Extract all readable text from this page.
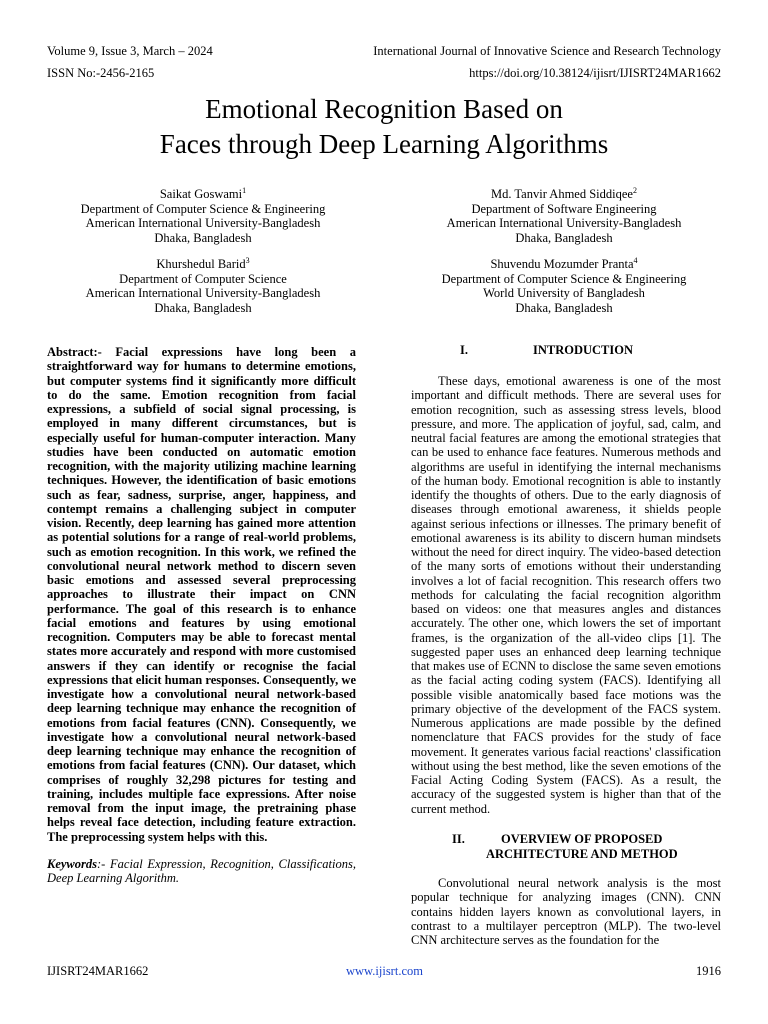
Volume 9, Issue 3, March – 2024	International Journal of Innovative Science and Research Technology
ISSN No:-2456-2165	https://doi.org/10.38124/ijisrt/IJISRT24MAR1662
Emotional Recognition Based on
Faces through Deep Learning Algorithms
Saikat Goswami$^1$
Department of Computer Science & Engineering
American International University-Bangladesh
Dhaka, Bangladesh
Md. Tanvir Ahmed Siddiqee$^2$
Department of Software Engineering
American International University-Bangladesh
Dhaka, Bangladesh
Khurshedul Barid$^3$
Department of Computer Science
American International University-Bangladesh
Dhaka, Bangladesh
Shuvendu Mozumder Pranta$^4$
Department of Computer Science & Engineering
World University of Bangladesh
Dhaka, Bangladesh

Abstract:- Facial expressions have long been a straightforward way for humans to determine emotions, but computer systems find it significantly more difficult to do the same. Emotion recognition from facial expressions, a subfield of social signal processing, is employed in many different circumstances, but is especially useful for human-computer interaction. Many studies have been conducted on automatic emotion recognition, with the majority utilizing machine learning techniques. However, the identification of basic emotions such as fear, sadness, surprise, anger, happiness, and contempt remains a challenging subject in computer vision. Recently, deep learning has gained more attention as potential solutions for a range of real-world problems, such as emotion recognition. In this work, we refined the convolutional neural network method to discern seven basic emotions and assessed several preprocessing approaches to illustrate their impact on CNN performance. The goal of this research is to enhance facial emotions and features by using emotional recognition. Computers may be able to forecast mental states more accurately and respond with more customised answers if they can identify or recognise the facial expressions that elicit human responses. Consequently, we investigate how a convolutional neural network-based deep learning technique may enhance the recognition of emotions from facial features (CNN). Consequently, we investigate how a convolutional neural network-based deep learning technique may enhance the recognition of emotions from facial features (CNN). Our dataset, which comprises of roughly 32,298 pictures for testing and training, includes multiple face expressions. After noise removal from the input image, the pretraining phase helps reveal face detection, including feature extraction. The preprocessing system helps with this.

Keywords:- Facial Expression, Recognition, Classifications, Deep Learning Algorithm.

I.	INTRODUCTION

These days, emotional awareness is one of the most important and difficult methods. There are several uses for emotion recognition, such as assessing stress levels, blood pressure, and more. The application of joyful, sad, calm, and neutral facial features are among the emotional strategies that can be used to enhance face features. Numerous methods and algorithms are useful in identifying the internal mechanisms of the human body. Emotional recognition is able to instantly identify the thoughts of others. Due to the early diagnosis of diseases through emotional awareness, it shields people against serious infections or illnesses. The primary benefit of emotional awareness is its ability to discern human mindsets without the need for direct inquiry. The video-based detection of the many sorts of emotions without their understanding involves a lot of facial recognition. This research offers two methods for calculating the facial recognition algorithm based on videos: one that measures angles and distances accurately. The other one, which lowers the set of important frames, is the organization of the all-video clips [1]. The suggested paper uses an enhanced deep learning technique that makes use of ECNN to disclose the same seven emotions as the facial acting coding system (FACS). Identifying all possible visible anatomically based face motions was the primary objective of the development of the FACS system. Numerous applications are made possible by the defined nomenclature that FACS provides for the study of face movement. It generates various facial reactions' classification without using the best method, like the seven emotions of the Facial Acting Coding System (FACS). As a result, the accuracy of the suggested system is higher than that of the current method.

II.	OVERVIEW OF PROPOSED
ARCHITECTURE AND METHOD

Convolutional neural network analysis is the most popular technique for analyzing images (CNN). CNN contains hidden layers known as convolutional layers, in contrast to a multilayer perceptron (MLP). The two-level CNN architecture serves as the foundation for the

IJISRT24MAR1662	www.ijisrt.com	1916
